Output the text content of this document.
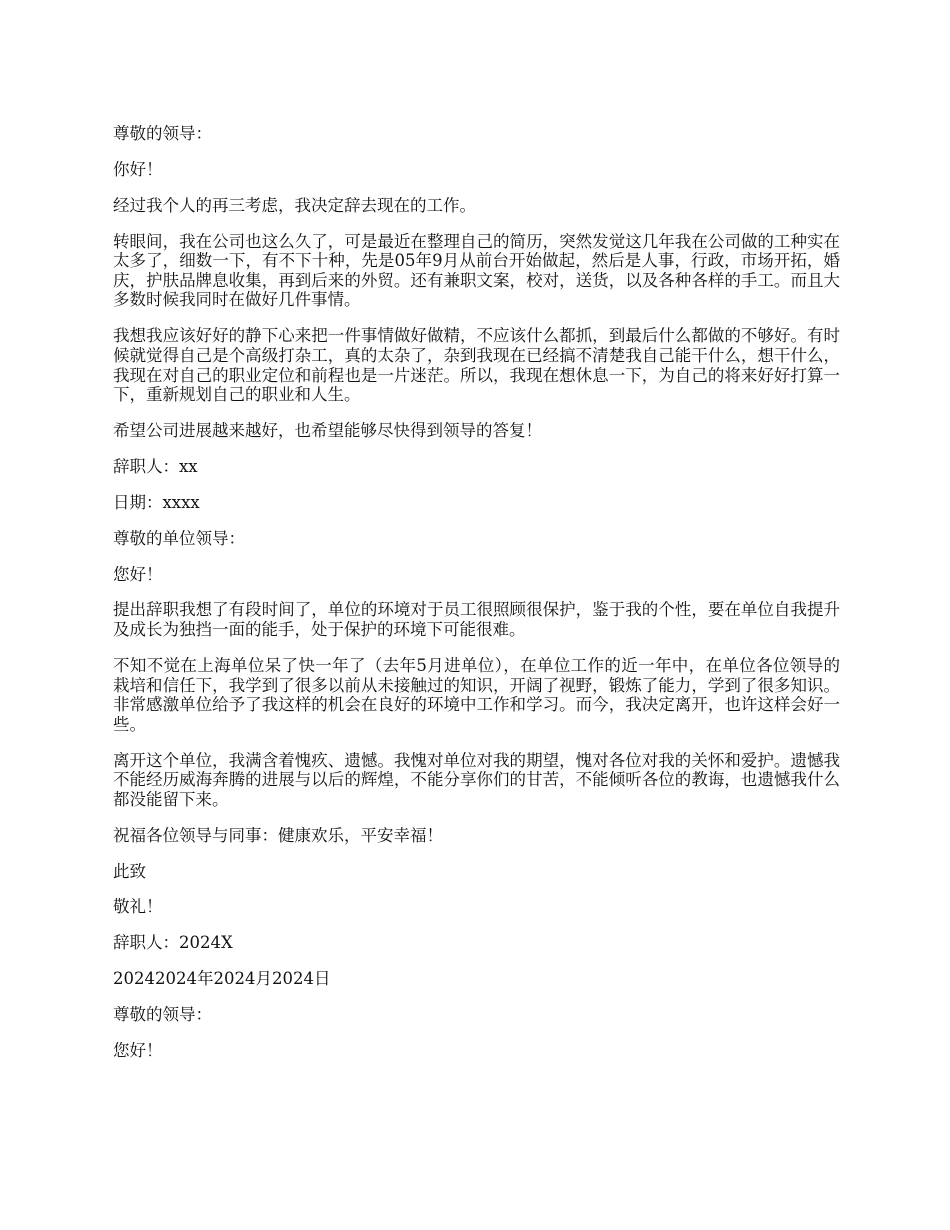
尊敬的领导：

你好！

经过我个人的再三考虑，我决定辞去现在的工作。

转眼间，我在公司也这么久了，可是最近在整理自己的简历，突然发觉这几年我在公司做的工种实在太多了，细数一下，有不下十种，先是05年9月从前台开始做起，然后是人事，行政，市场开拓，婚庆，护肤品牌息收集，再到后来的外贸。还有兼职文案，校对，送货，以及各种各样的手工。而且大多数时候我同时在做好几件事情。

我想我应该好好的静下心来把一件事情做好做精，不应该什么都抓，到最后什么都做的不够好。有时候就觉得自己是个高级打杂工，真的太杂了，杂到我现在已经搞不清楚我自己能干什么，想干什么，我现在对自己的职业定位和前程也是一片迷茫。所以，我现在想休息一下，为自己的将来好好打算一下，重新规划自己的职业和人生。

希望公司进展越来越好，也希望能够尽快得到领导的答复！

辞职人：xx

日期：xxxx

尊敬的单位领导：

您好！

提出辞职我想了有段时间了，单位的环境对于员工很照顾很保护，鉴于我的个性，要在单位自我提升及成长为独挡一面的能手，处于保护的环境下可能很难。

不知不觉在上海单位呆了快一年了（去年5月进单位），在单位工作的近一年中，在单位各位领导的栽培和信任下，我学到了很多以前从未接触过的知识，开阔了视野，锻炼了能力，学到了很多知识。非常感激单位给予了我这样的机会在良好的环境中工作和学习。而今，我决定离开，也许这样会好一些。

离开这个单位，我满含着愧疚、遗憾。我愧对单位对我的期望，愧对各位对我的关怀和爱护。遗憾我不能经历威海奔腾的进展与以后的辉煌，不能分享你们的甘苦，不能倾听各位的教诲，也遗憾我什么都没能留下来。

祝福各位领导与同事：健康欢乐，平安幸福！

此致

敬礼！

辞职人：2024X

20242024年2024月2024日

尊敬的领导：

您好！
